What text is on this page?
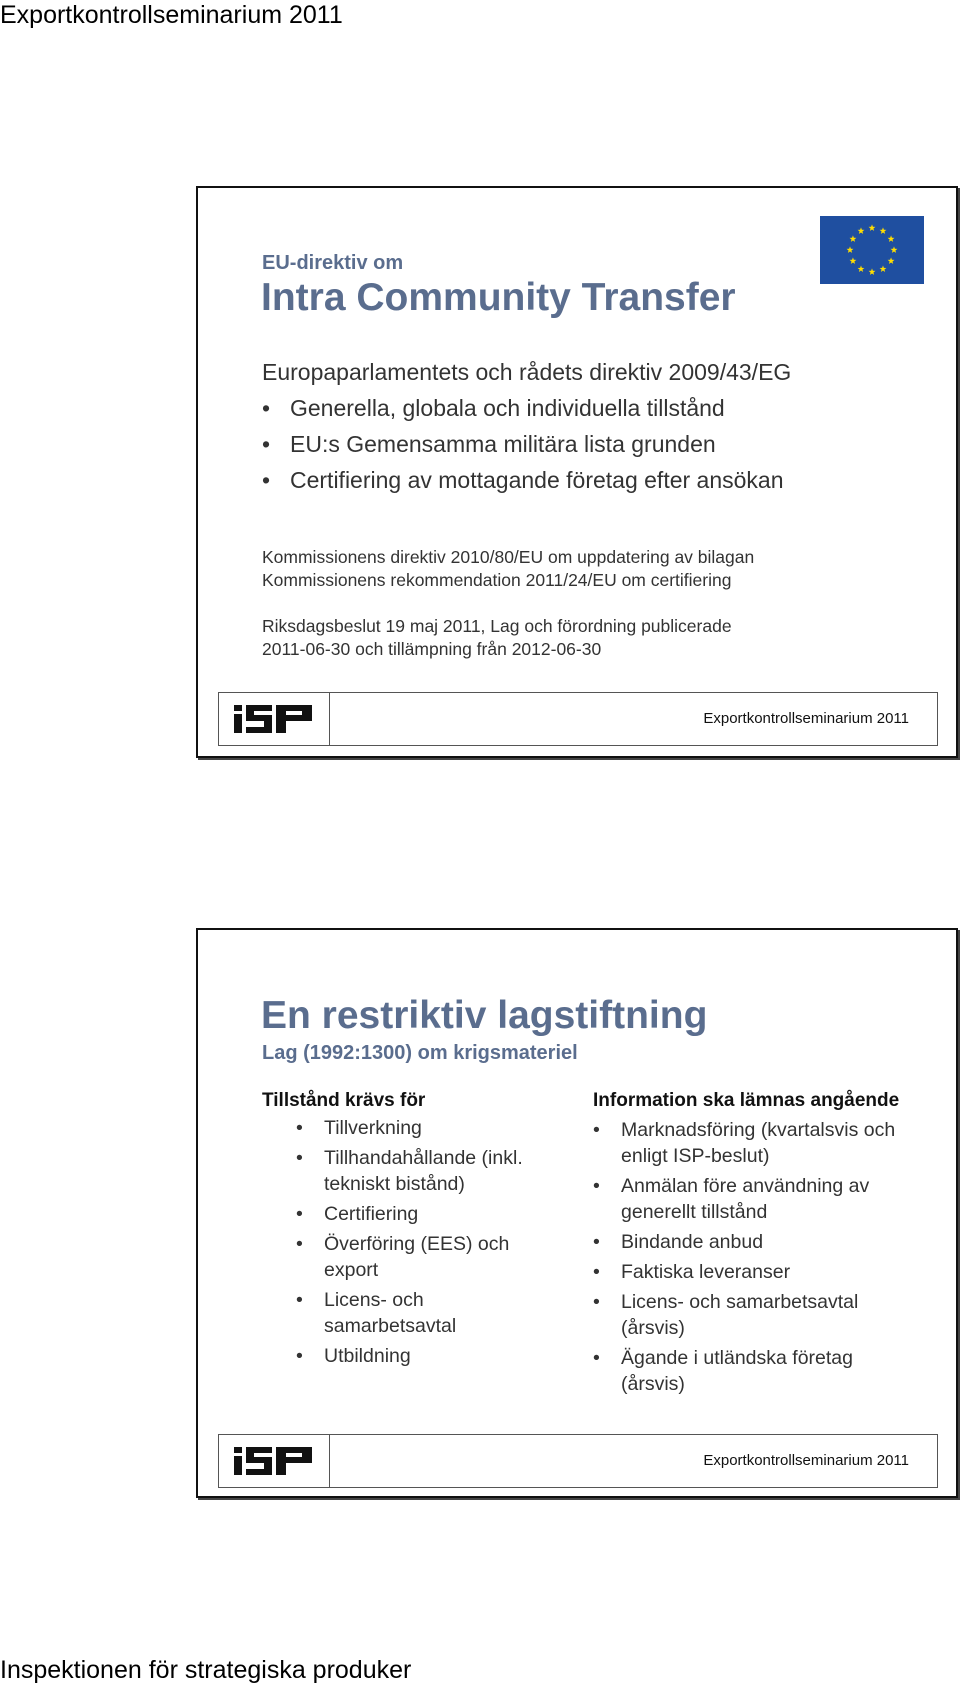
Exportkontrollseminarium 2011
EU-direktiv om
Intra Community Transfer
Europaparlamentets och rådets direktiv 2009/43/EG
• Generella, globala och individuella tillstånd
• EU:s Gemensamma militära lista grunden
• Certifiering av mottagande företag efter ansökan
Kommissionens direktiv 2010/80/EU om uppdatering av bilagan
Kommissionens rekommendation 2011/24/EU om certifiering
Riksdagsbeslut 19 maj 2011, Lag och förordning publicerade
2011-06-30 och tillämpning från 2012-06-30
Exportkontrollseminarium 2011
En restriktiv lagstiftning
Lag (1992:1300) om krigsmateriel
Tillstånd krävs för
• Tillverkning
• Tillhandahållande (inkl. tekniskt bistånd)
• Certifiering
• Överföring (EES) och export
• Licens- och samarbetsavtal
• Utbildning
Information ska lämnas angående
• Marknadsföring (kvartalsvis och enligt ISP-beslut)
• Anmälan före användning av generellt tillstånd
• Bindande anbud
• Faktiska leveranser
• Licens- och samarbetsavtal (årsvis)
• Ägande i utländska företag (årsvis)
Exportkontrollseminarium 2011
Inspektionen för strategiska produker
